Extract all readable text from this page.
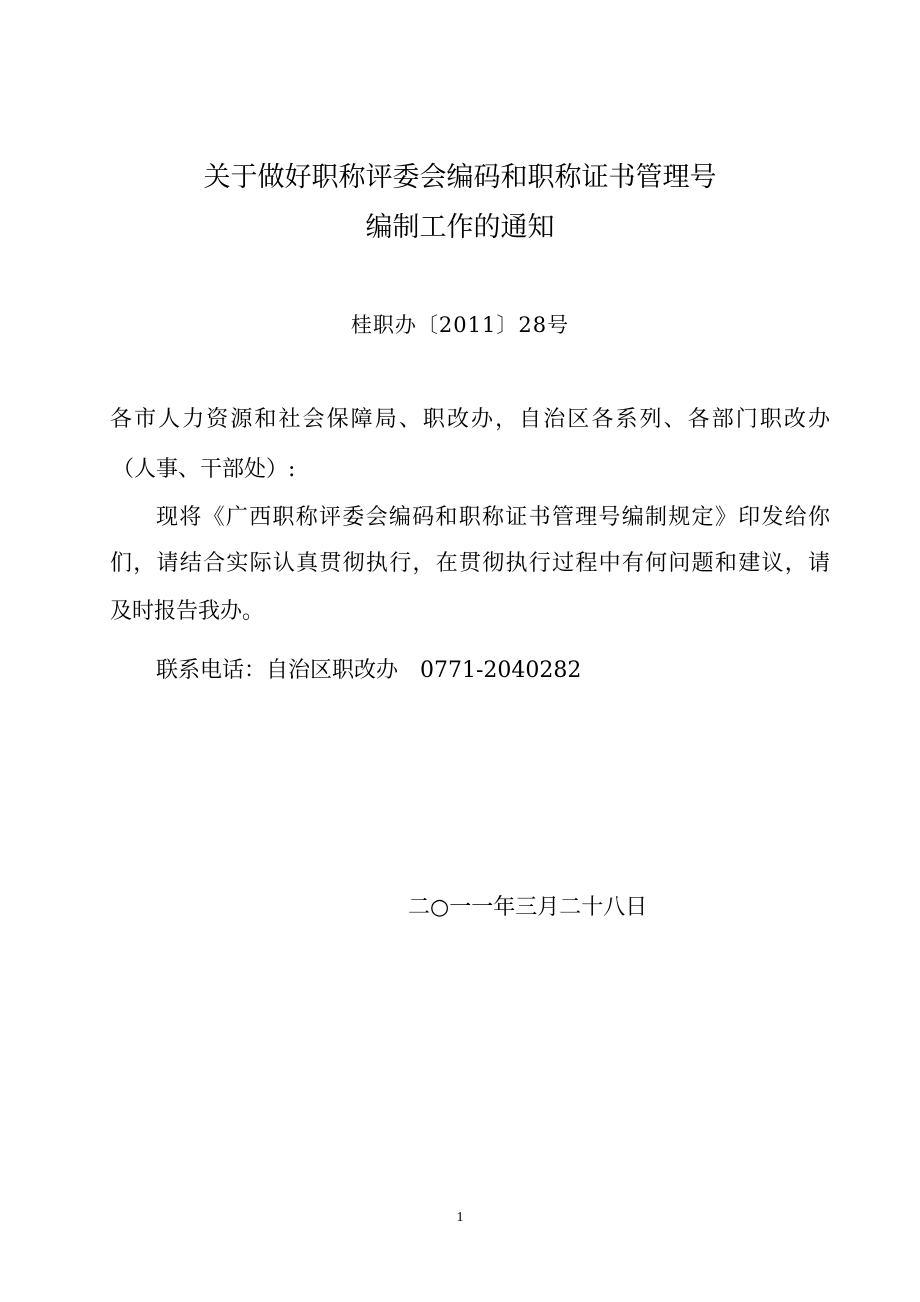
关于做好职称评委会编码和职称证书管理号
编制工作的通知
桂职办〔2011〕28号
各市人力资源和社会保障局、职改办，自治区各系列、各部门职改办
（人事、干部处）:
现将《广西职称评委会编码和职称证书管理号编制规定》印发给你
们，请结合实际认真贯彻执行，在贯彻执行过程中有何问题和建议，请
及时报告我办。
联系电话：自治区职改办　0771-2040282
二○一一年三月二十八日
1
